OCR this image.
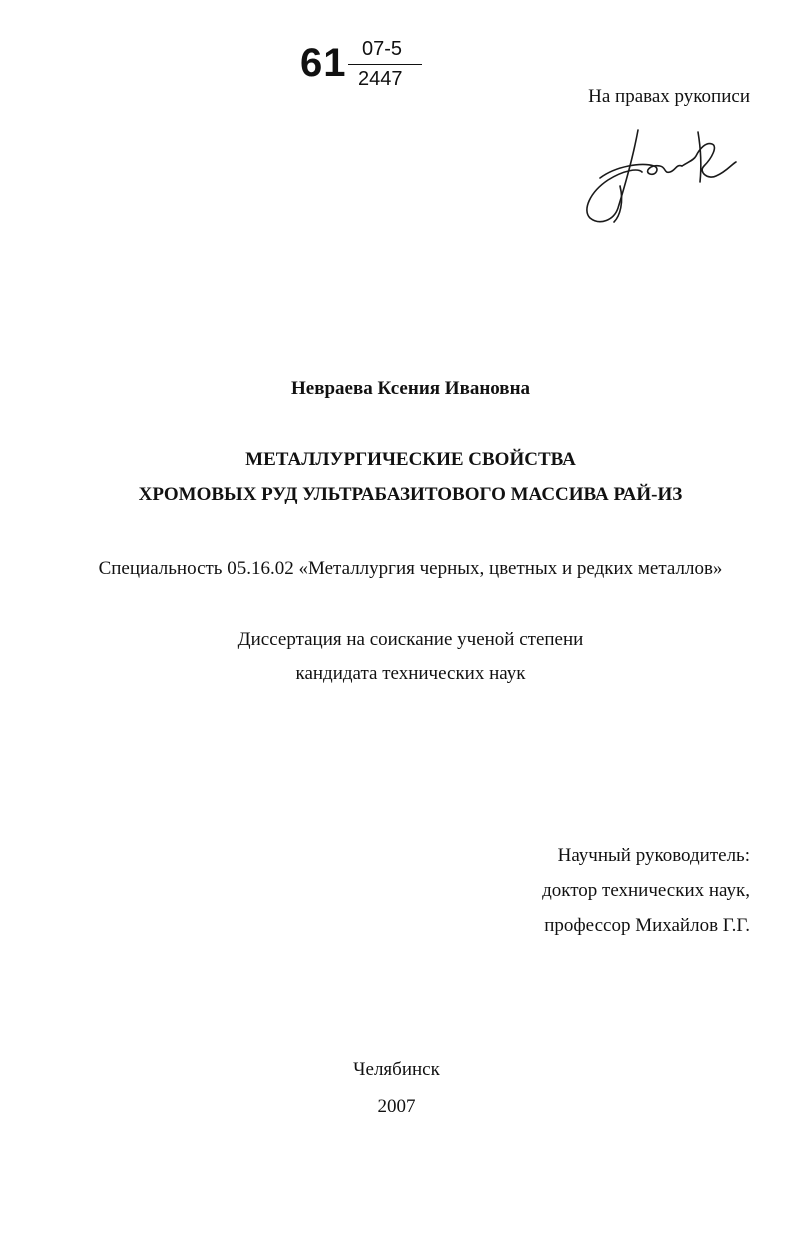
61 07-5
2447
На правах рукописи
Невраева Ксения Ивановна
МЕТАЛЛУРГИЧЕСКИЕ СВОЙСТВА
ХРОМОВЫХ РУД УЛЬТРАБАЗИТОВОГО МАССИВА РАЙ-ИЗ
Специальность 05.16.02 «Металлургия черных, цветных и редких металлов»
Диссертация на соискание ученой степени
кандидата технических наук
Научный руководитель:
доктор технических наук,
профессор Михайлов Г.Г.
Челябинск
2007
